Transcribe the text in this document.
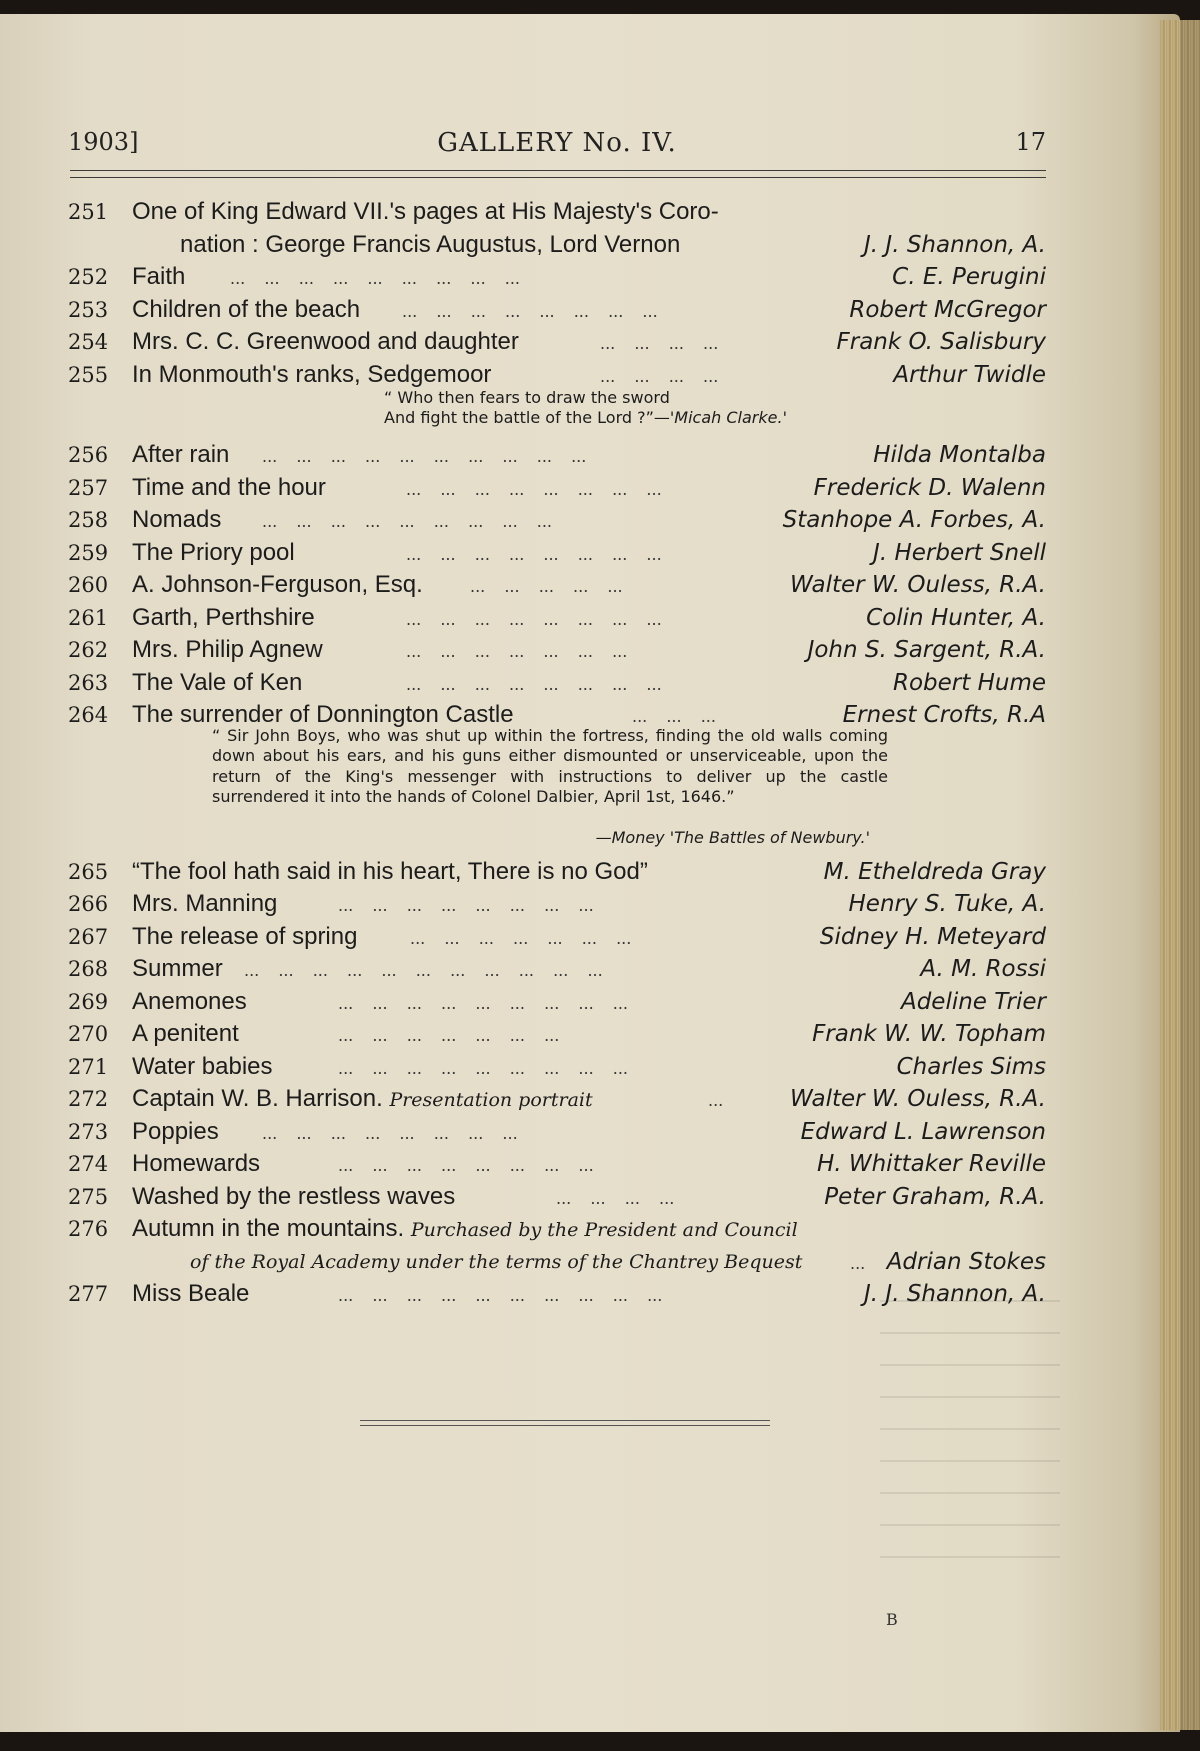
1903]	GALLERY No. IV.	17
251 One of King Edward VII.'s pages at His Majesty's Coro-
nation : George Francis Augustus, Lord Vernon	J. J. Shannon, A.
252 Faith	... ... ... ... ... ... ... ... ...	C. E. Perugini
253 Children of the beach	... ... ... ... ... ... ... ...	Robert McGregor
254 Mrs. C. C. Greenwood and daughter	... ... ... ...	Frank O. Salisbury
255 In Monmouth's ranks, Sedgemoor	... ... ... ...	Arthur Twidle
“ Who then fears to draw the sword
And fight the battle of the Lord ?”—'Micah Clarke.'
256 After rain ... ... ... ... ... ... ... ... ... ...	Hilda Montalba
257 Time and the hour	... ... ... ... ... ... ... ...	Frederick D. Walenn
258 Nomads	... ... ... ... ... ... ... ... ...	Stanhope A. Forbes, A.
259 The Priory pool	... ... ... ... ... ... ... ...	J. Herbert Snell
260 A. Johnson-Ferguson, Esq.	... ... ... ... ...	Walter W. Ouless, R.A.
261 Garth, Perthshire	... ... ... ... ... ... ... ...	Colin Hunter, A.
262 Mrs. Philip Agnew	... ... ... ... ... ... ...	John S. Sargent, R.A.
263 The Vale of Ken	... ... ... ... ... ... ... ...	Robert Hume
264 The surrender of Donnington Castle	... ... ...	Ernest Crofts, R.A
“ Sir John Boys, who was shut up within the fortress, finding the old walls coming down about his ears, and his guns either dismounted or unserviceable, upon the return of the King's messenger with instructions to deliver up the castle surrendered it into the hands of Colonel Dalbier, April 1st, 1646.”
—Money 'The Battles of Newbury.'
265 “The fool hath said in his heart, There is no God”	M. Etheldreda Gray
266 Mrs. Manning	... ... ... ... ... ... ... ...	Henry S. Tuke, A.
267 The release of spring	... ... ... ... ... ... ...	Sidney H. Meteyard
268 Summer ... ... ... ... ... ... ... ... ... ... ...	A. M. Rossi
269 Anemones	... ... ... ... ... ... ... ... ...	Adeline Trier
270 A penitent	... ... ... ... ... ... ...	Frank W. W. Topham
271 Water babies	... ... ... ... ... ... ... ... ...	Charles Sims
272 Captain W. B. Harrison. Presentation portrait	...	Walter W. Ouless, R.A.
273 Poppies	... ... ... ... ... ... ... ...	Edward L. Lawrenson
274 Homewards	... ... ... ... ... ... ... ...	H. Whittaker Reville
275 Washed by the restless waves	... ... ... ...	Peter Graham, R.A.
276 Autumn in the mountains. Purchased by the President and Council
of the Royal Academy under the terms of the Chantrey Bequest	... Adrian Stokes
277 Miss Beale	... ... ... ... ... ... ... ... ... ...	J. J. Shannon, A.
B
